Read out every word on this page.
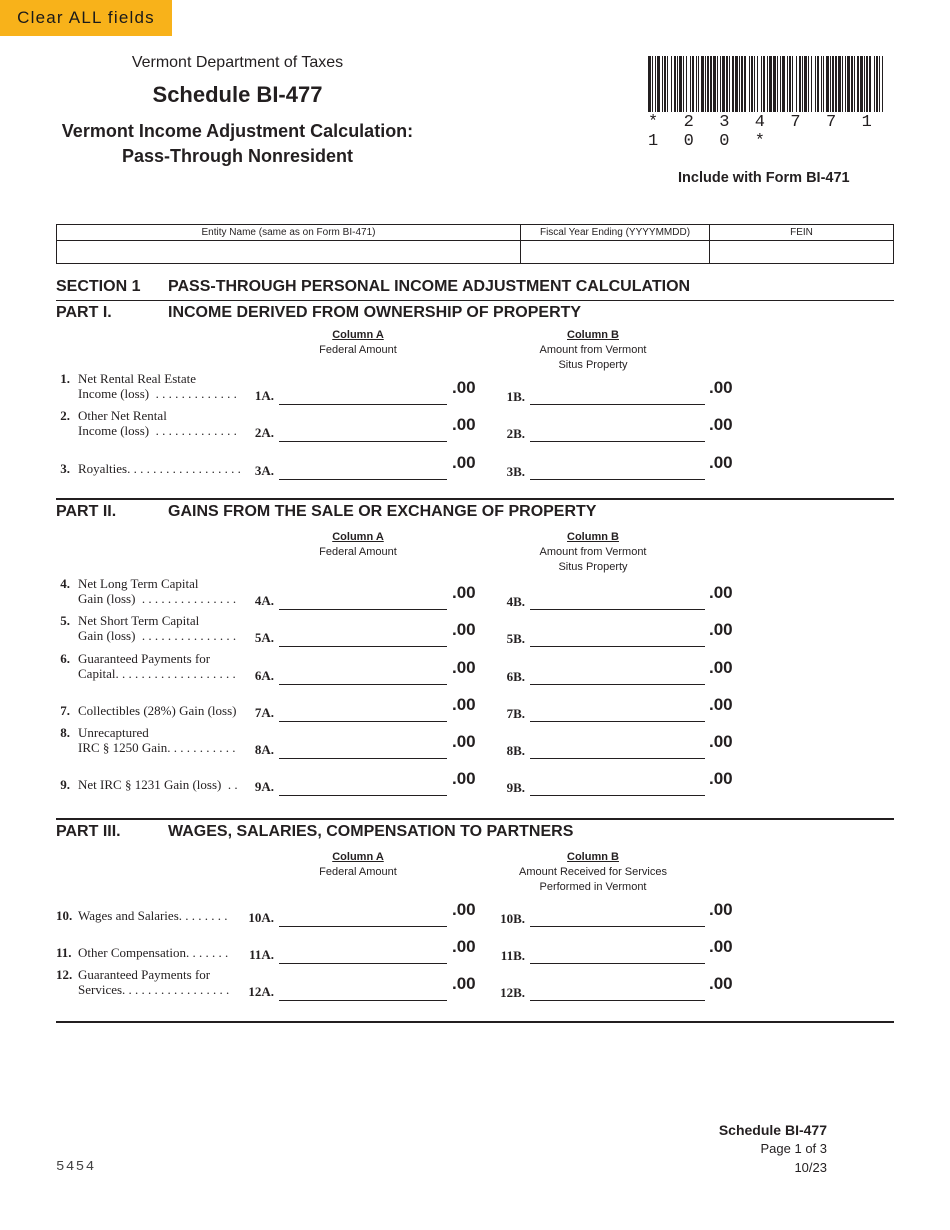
Clear ALL fields
Vermont Department of Taxes
Schedule BI-477
Vermont Income Adjustment Calculation:
Pass-Through Nonresident
* 2 3 4 7 7 1 1 0 0 *
Include with Form BI-471
Entity Name (same as on Form BI-471)	Fiscal Year Ending (YYYYMMDD)	FEIN
SECTION 1 PASS-THROUGH PERSONAL INCOME ADJUSTMENT CALCULATION
PART I.	INCOME DERIVED FROM OWNERSHIP OF PROPERTY
Column A
Federal Amount
Column B
Amount from Vermont
Situs Property
1. Net Rental Real Estate
Income (loss)  . . . . . . . . . . . . .	1A.	.00	1B.	.00
2. Other Net Rental
Income (loss)  . . . . . . . . . . . . .	2A.	.00	2B.	.00
3. Royalties. . . . . . . . . . . . . . . . . . 3A.	.00	3B.	.00
PART II.	GAINS FROM THE SALE OR EXCHANGE OF PROPERTY
Column A
Federal Amount
Column B
Amount from Vermont
Situs Property
4. Net Long Term Capital
Gain (loss)  . . . . . . . . . . . . . . .	4A.	.00	4B.	.00
5. Net Short Term Capital
Gain (loss)  . . . . . . . . . . . . . . .	5A.	.00	5B.	.00
6. Guaranteed Payments for
Capital. . . . . . . . . . . . . . . . . . .	6A.	.00	6B.	.00
7. Collectibles (28%) Gain (loss)	7A.	.00	7B.	.00
8. Unrecaptured
IRC § 1250 Gain. . . . . . . . . . .	8A.	.00	8B.	.00
9. Net IRC § 1231 Gain (loss)  . .	9A.	.00	9B.	.00
PART III.	WAGES, SALARIES, COMPENSATION TO PARTNERS
Column A
Federal Amount
Column B
Amount Received for Services
Performed in Vermont
10. Wages and Salaries. . . . . . . .	10A.	.00	10B.	.00
11. Other Compensation. . . . . . .	11A.	.00	11B.	.00
12. Guaranteed Payments for
Services. . . . . . . . . . . . . . . . .	12A.	.00	12B.	.00
Schedule BI-477
Page 1 of 3
10/23
5454
